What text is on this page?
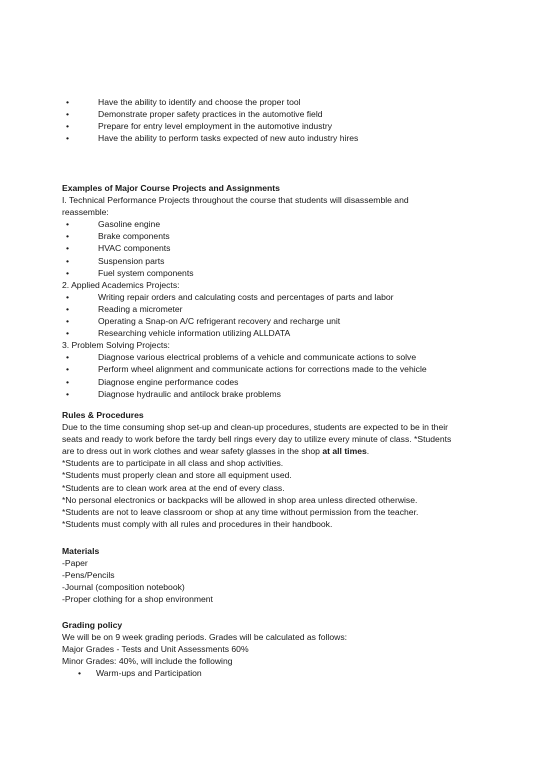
•	Have the ability to identify and choose the proper tool
•	Demonstrate proper safety practices in the automotive field
•	Prepare for entry level employment in the automotive industry
•	Have the ability to perform tasks expected of new auto industry hires
Examples of Major Course Projects and Assignments
I. Technical Performance Projects throughout the course that students will disassemble and
reassemble:
•	Gasoline engine
•	Brake components
•	HVAC components
•	Suspension parts
•	Fuel system components
2. Applied Academics Projects:
•	Writing repair orders and calculating costs and percentages of parts and labor
•	Reading a micrometer
•	Operating a Snap-on A/C refrigerant recovery and recharge unit
•	Researching vehicle information utilizing ALLDATA
3. Problem Solving Projects:
•	Diagnose various electrical problems of a vehicle and communicate actions to solve
•	Perform wheel alignment and communicate actions for corrections made to the vehicle
•	Diagnose engine performance codes
•	Diagnose hydraulic and antilock brake problems
Rules & Procedures
Due to the time consuming shop set-up and clean-up procedures, students are expected to be in their
seats and ready to work before the tardy bell rings every day to utilize every minute of class. *Students
are to dress out in work clothes and wear safety glasses in the shop at all times.
*Students are to participate in all class and shop activities.
*Students must properly clean and store all equipment used.
*Students are to clean work area at the end of every class.
*No personal electronics or backpacks will be allowed in shop area unless directed otherwise.
*Students are not to leave classroom or shop at any time without permission from the teacher.
*Students must comply with all rules and procedures in their handbook.
Materials
-Paper
-Pens/Pencils
-Journal (composition notebook)
-Proper clothing for a shop environment
Grading policy
We will be on 9 week grading periods. Grades will be calculated as follows:
Major Grades - Tests and Unit Assessments 60%
Minor Grades: 40%, will include the following
• Warm-ups and Participation
